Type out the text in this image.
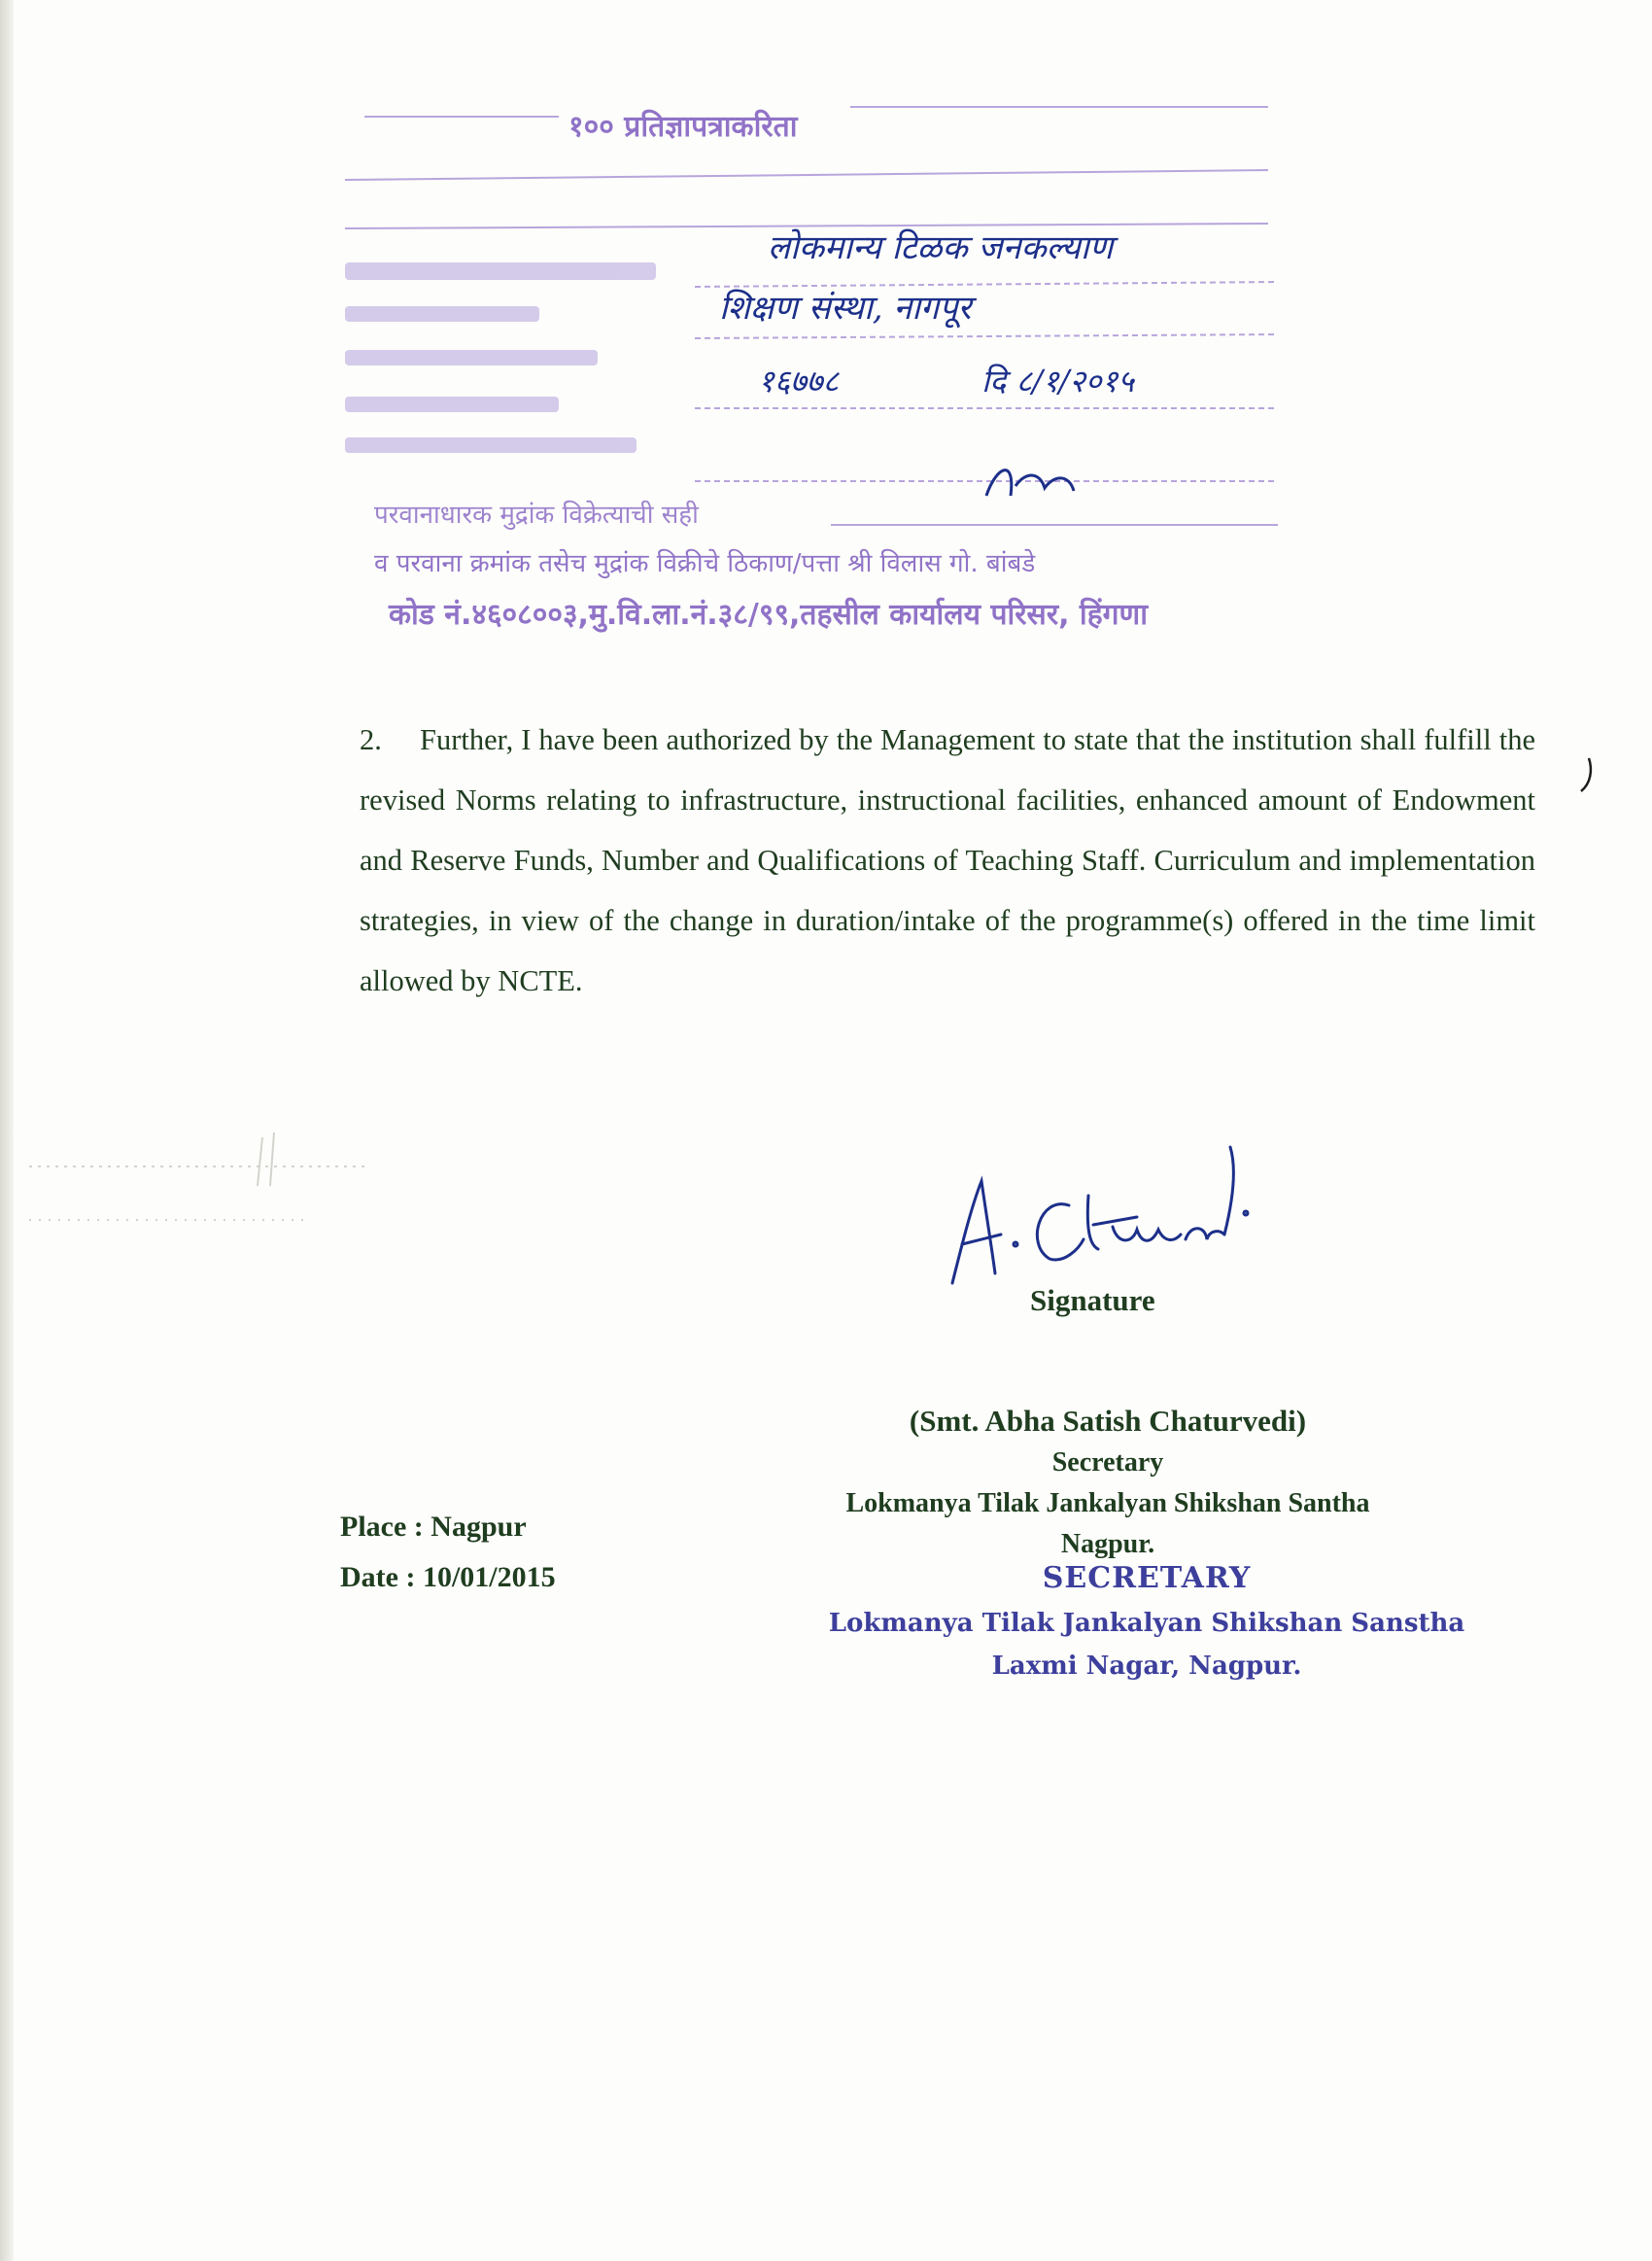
१०० प्रतिज्ञापत्राकरिता
परवानाधारक मुद्रांक विक्रेत्याची सही
व परवाना क्रमांक तसेच मुद्रांक विक्रीचे ठिकाण/पत्ता श्री विलास गो. बांबडे
कोड नं.४६०८००३,मु.वि.ला.नं.३८/९९,तहसील कार्यालय परिसर, हिंगणा
लोकमान्य टिळक जनकल्याण
शिक्षण संस्था, नागपूर
१६७७८	दि ८/१/२०१५
2. Further, I have been authorized by the Management to state that the institution shall fulfill the revised Norms relating to infrastructure, instructional facilities, enhanced amount of Endowment and Reserve Funds, Number and Qualifications of Teaching Staff. Curriculum and implementation strategies, in view of the change in duration/intake of the programme(s) offered in the time limit allowed by NCTE.
Signature
(Smt. Abha Satish Chaturvedi)
Secretary
Lokmanya Tilak Jankalyan Shikshan Santha
Nagpur.
Place : Nagpur
Date : 10/01/2015	SECRETARY
Lokmanya Tilak Jankalyan Shikshan Sanstha
Laxmi Nagar, Nagpur.
